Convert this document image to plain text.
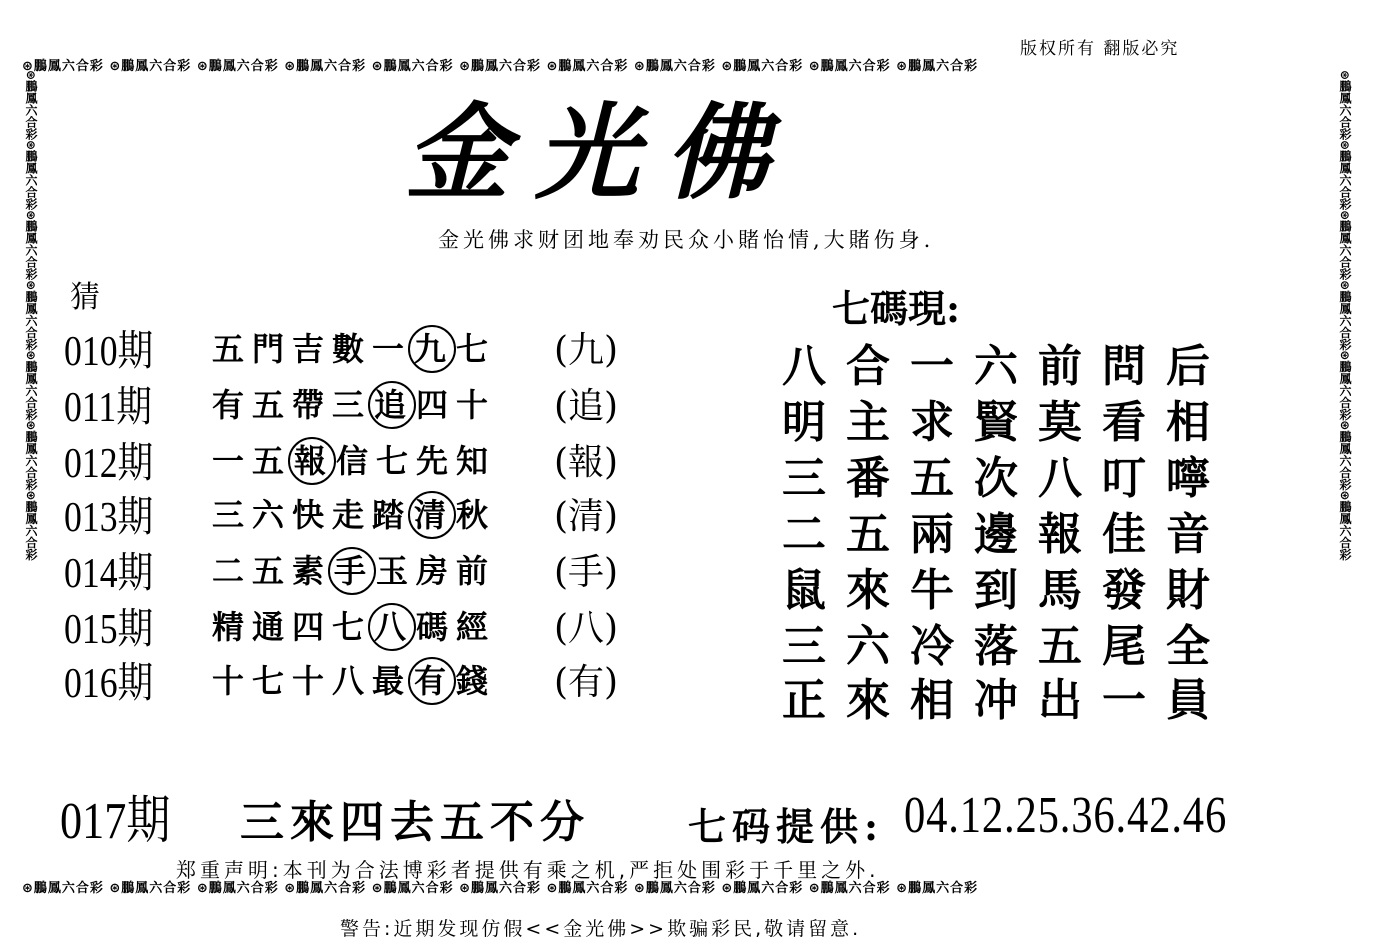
版权所有 翻版必究
⊛鵬鳳六合彩 ⊛鵬鳳六合彩 ⊛鵬鳳六合彩 ⊛鵬鳳六合彩 ⊛鵬鳳六合彩 ⊛鵬鳳六合彩 ⊛鵬鳳六合彩 ⊛鵬鳳六合彩 ⊛鵬鳳六合彩 ⊛鵬鳳六合彩 ⊛鵬鳳六合彩
⊛鵬鳳六合彩 ⊛鵬鳳六合彩 ⊛鵬鳳六合彩 ⊛鵬鳳六合彩 ⊛鵬鳳六合彩 ⊛鵬鳳六合彩 ⊛鵬鳳六合彩 ⊛鵬鳳六合彩 ⊛鵬鳳六合彩 ⊛鵬鳳六合彩 ⊛鵬鳳六合彩
⊛鵬鳳六合彩⊛鵬鳳六合彩⊛鵬鳳六合彩⊛鵬鳳六合彩⊛鵬鳳六合彩⊛鵬鳳六合彩⊛鵬鳳六合彩	⊛鵬鳳六合彩⊛鵬鳳六合彩⊛鵬鳳六合彩⊛鵬鳳六合彩⊛鵬鳳六合彩⊛鵬鳳六合彩⊛鵬鳳六合彩
金光佛
金光佛求财团地奉劝民众小賭怡情,大賭伤身.
猜
010期 五 門 吉 數 一 九 七 (九)
011期 有 五 帶 三 追 四 十 (追)
012期 一 五 報 信 七 先 知 (報)
013期 三 六 快 走 踏 清 秋 (清)
014期 二 五 素 手 玉 房 前 (手)
015期 精 通 四 七 八 碼 經 (八)
016期 十 七 十 八 最 有 錢 (有)
七碼現:
八合一六前問后
明主求賢莫看相
三番五次八叮嚀
二五兩邊報佳音
鼠來牛到馬發財
三六冷落五尾全
正來相冲出一員
017期 三來四去五不分	七码提供: 04.12.25.36.42.46
郑重声明:本刊为合法博彩者提供有乘之机,严拒处围彩于千里之外.
警告:近期发现仿假<<金光佛>>欺骗彩民,敬请留意.
